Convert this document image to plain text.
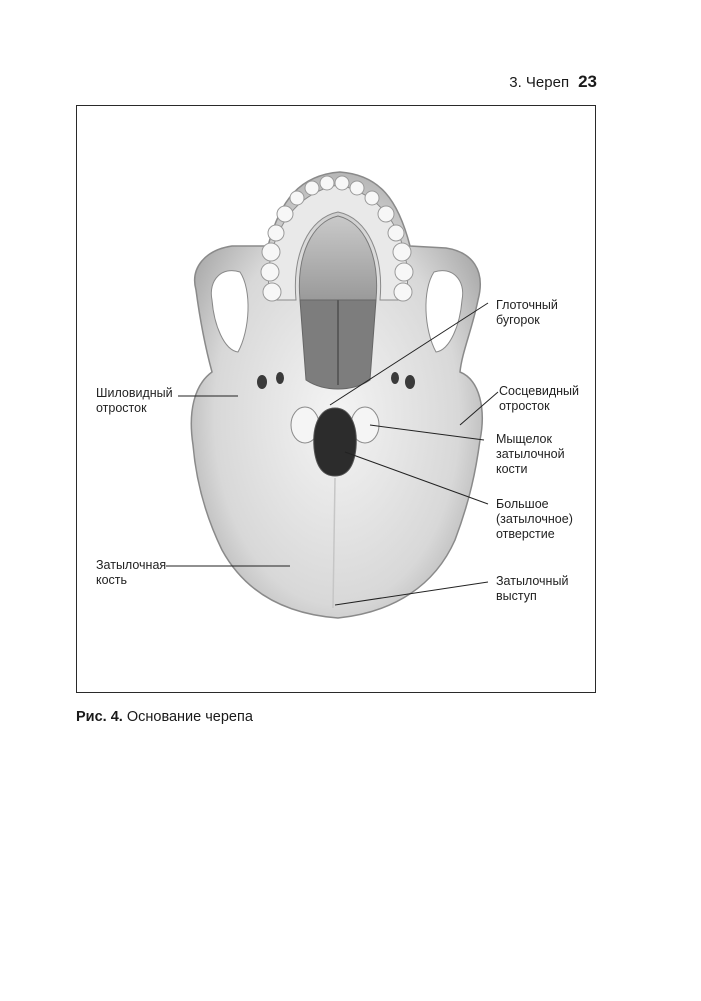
3. Череп 23
Глоточный
бугорок
Шиловидный
отросток
Сосцевидный
отросток
Мыщелок
затылочной
кости
Большое
(затылочное)
отверстие
Затылочная
кость	Затылочный
выступ
Рис. 4. Основание черепа
